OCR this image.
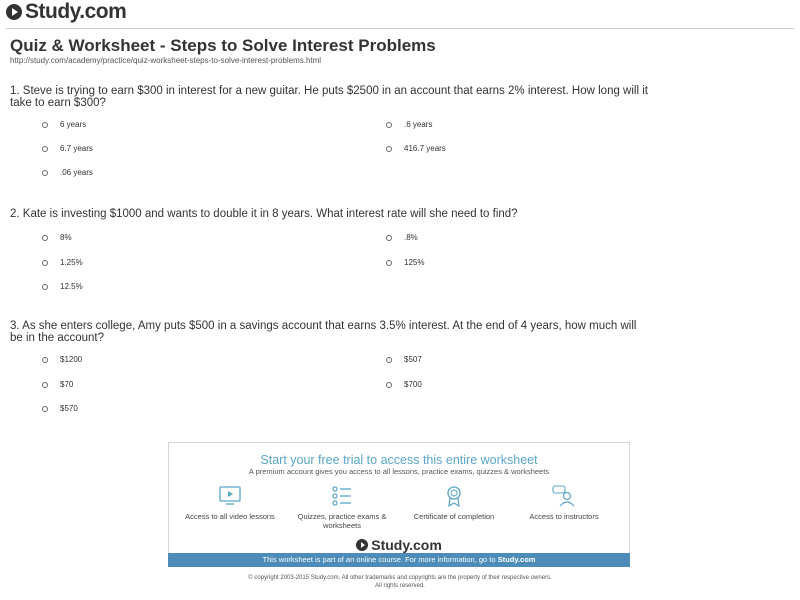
Study.com
Quiz & Worksheet - Steps to Solve Interest Problems
http://study.com/academy/practice/quiz-worksheet-steps-to-solve-interest-problems.html
1. Steve is trying to earn $300 in interest for a new guitar. He puts $2500 in an account that earns 2% interest. How long will it take to earn $300?
6 years	.6 years
6.7 years	416.7 years
.06 years
2. Kate is investing $1000 and wants to double it in 8 years. What interest rate will she need to find?
8%	.8%
1.25%	125%
12.5%
3. As she enters college, Amy puts $500 in a savings account that earns 3.5% interest. At the end of 4 years, how much will be in the account?
$1200	$507
$70	$700
$570
Start your free trial to access this entire worksheet
A premium account gives you access to all lessons, practice exams, quizzes & worksheets
Access to all video lessons	Quizzes, practice exams & worksheets
Certificate of completion	Access to instructors
Study.com
This worksheet is part of an online course. For more information, go to Study.com
© copyright 2003-2015 Study.com. All other trademarks and copyrights are the property of their respective owners.
All rights reserved.
